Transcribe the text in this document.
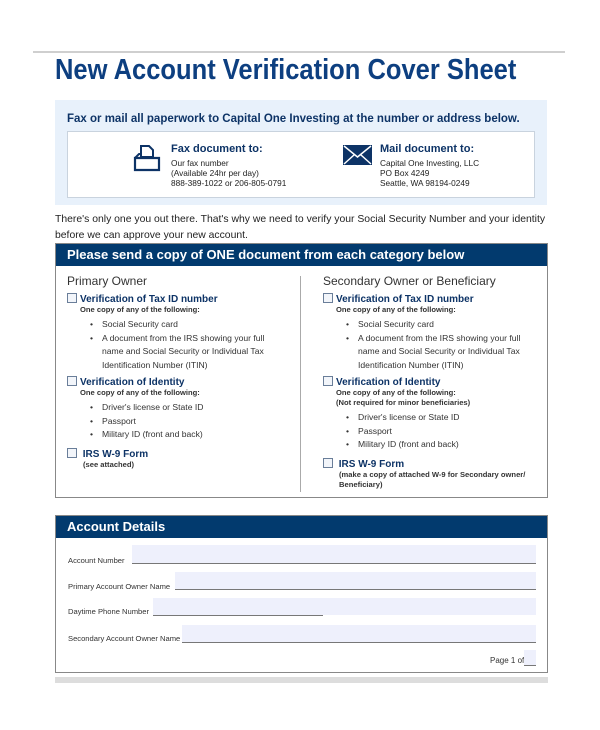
New Account Verification Cover Sheet
Fax or mail all paperwork to Capital One Investing at the number or address below.
Fax document to:
Our fax number
(Available 24hr per day)
888-389-1022 or 206-805-0791
Mail document to:
Capital One Investing, LLC
PO Box 4249
Seattle, WA 98194-0249
There's only one you out there. That's why we need to verify your Social Security Number and your identity before we can approve your new account.
Please send a copy of ONE document from each category below
Primary Owner
Verification of Tax ID number
One copy of any of the following:
• Social Security card
• A document from the IRS showing your full name and Social Security or Individual Tax Identification Number (ITIN)
Verification of Identity
One copy of any of the following:
• Driver's license or State ID
• Passport
• Military ID (front and back)
IRS W-9 Form
(see attached)
Secondary Owner or Beneficiary
Verification of Tax ID number
One copy of any of the following:
• Social Security card
• A document from the IRS showing your full name and Social Security or Individual Tax Identification Number (ITIN)
Verification of Identity
One copy of any of the following:
(Not required for minor beneficiaries)
• Driver's license or State ID
• Passport
• Military ID (front and back)
IRS W-9 Form
(make a copy of attached W-9 for Secondary owner/ Beneficiary)
Account Details
Account Number
Primary Account Owner Name
Daytime Phone Number
Secondary Account Owner Name
Page 1 of
